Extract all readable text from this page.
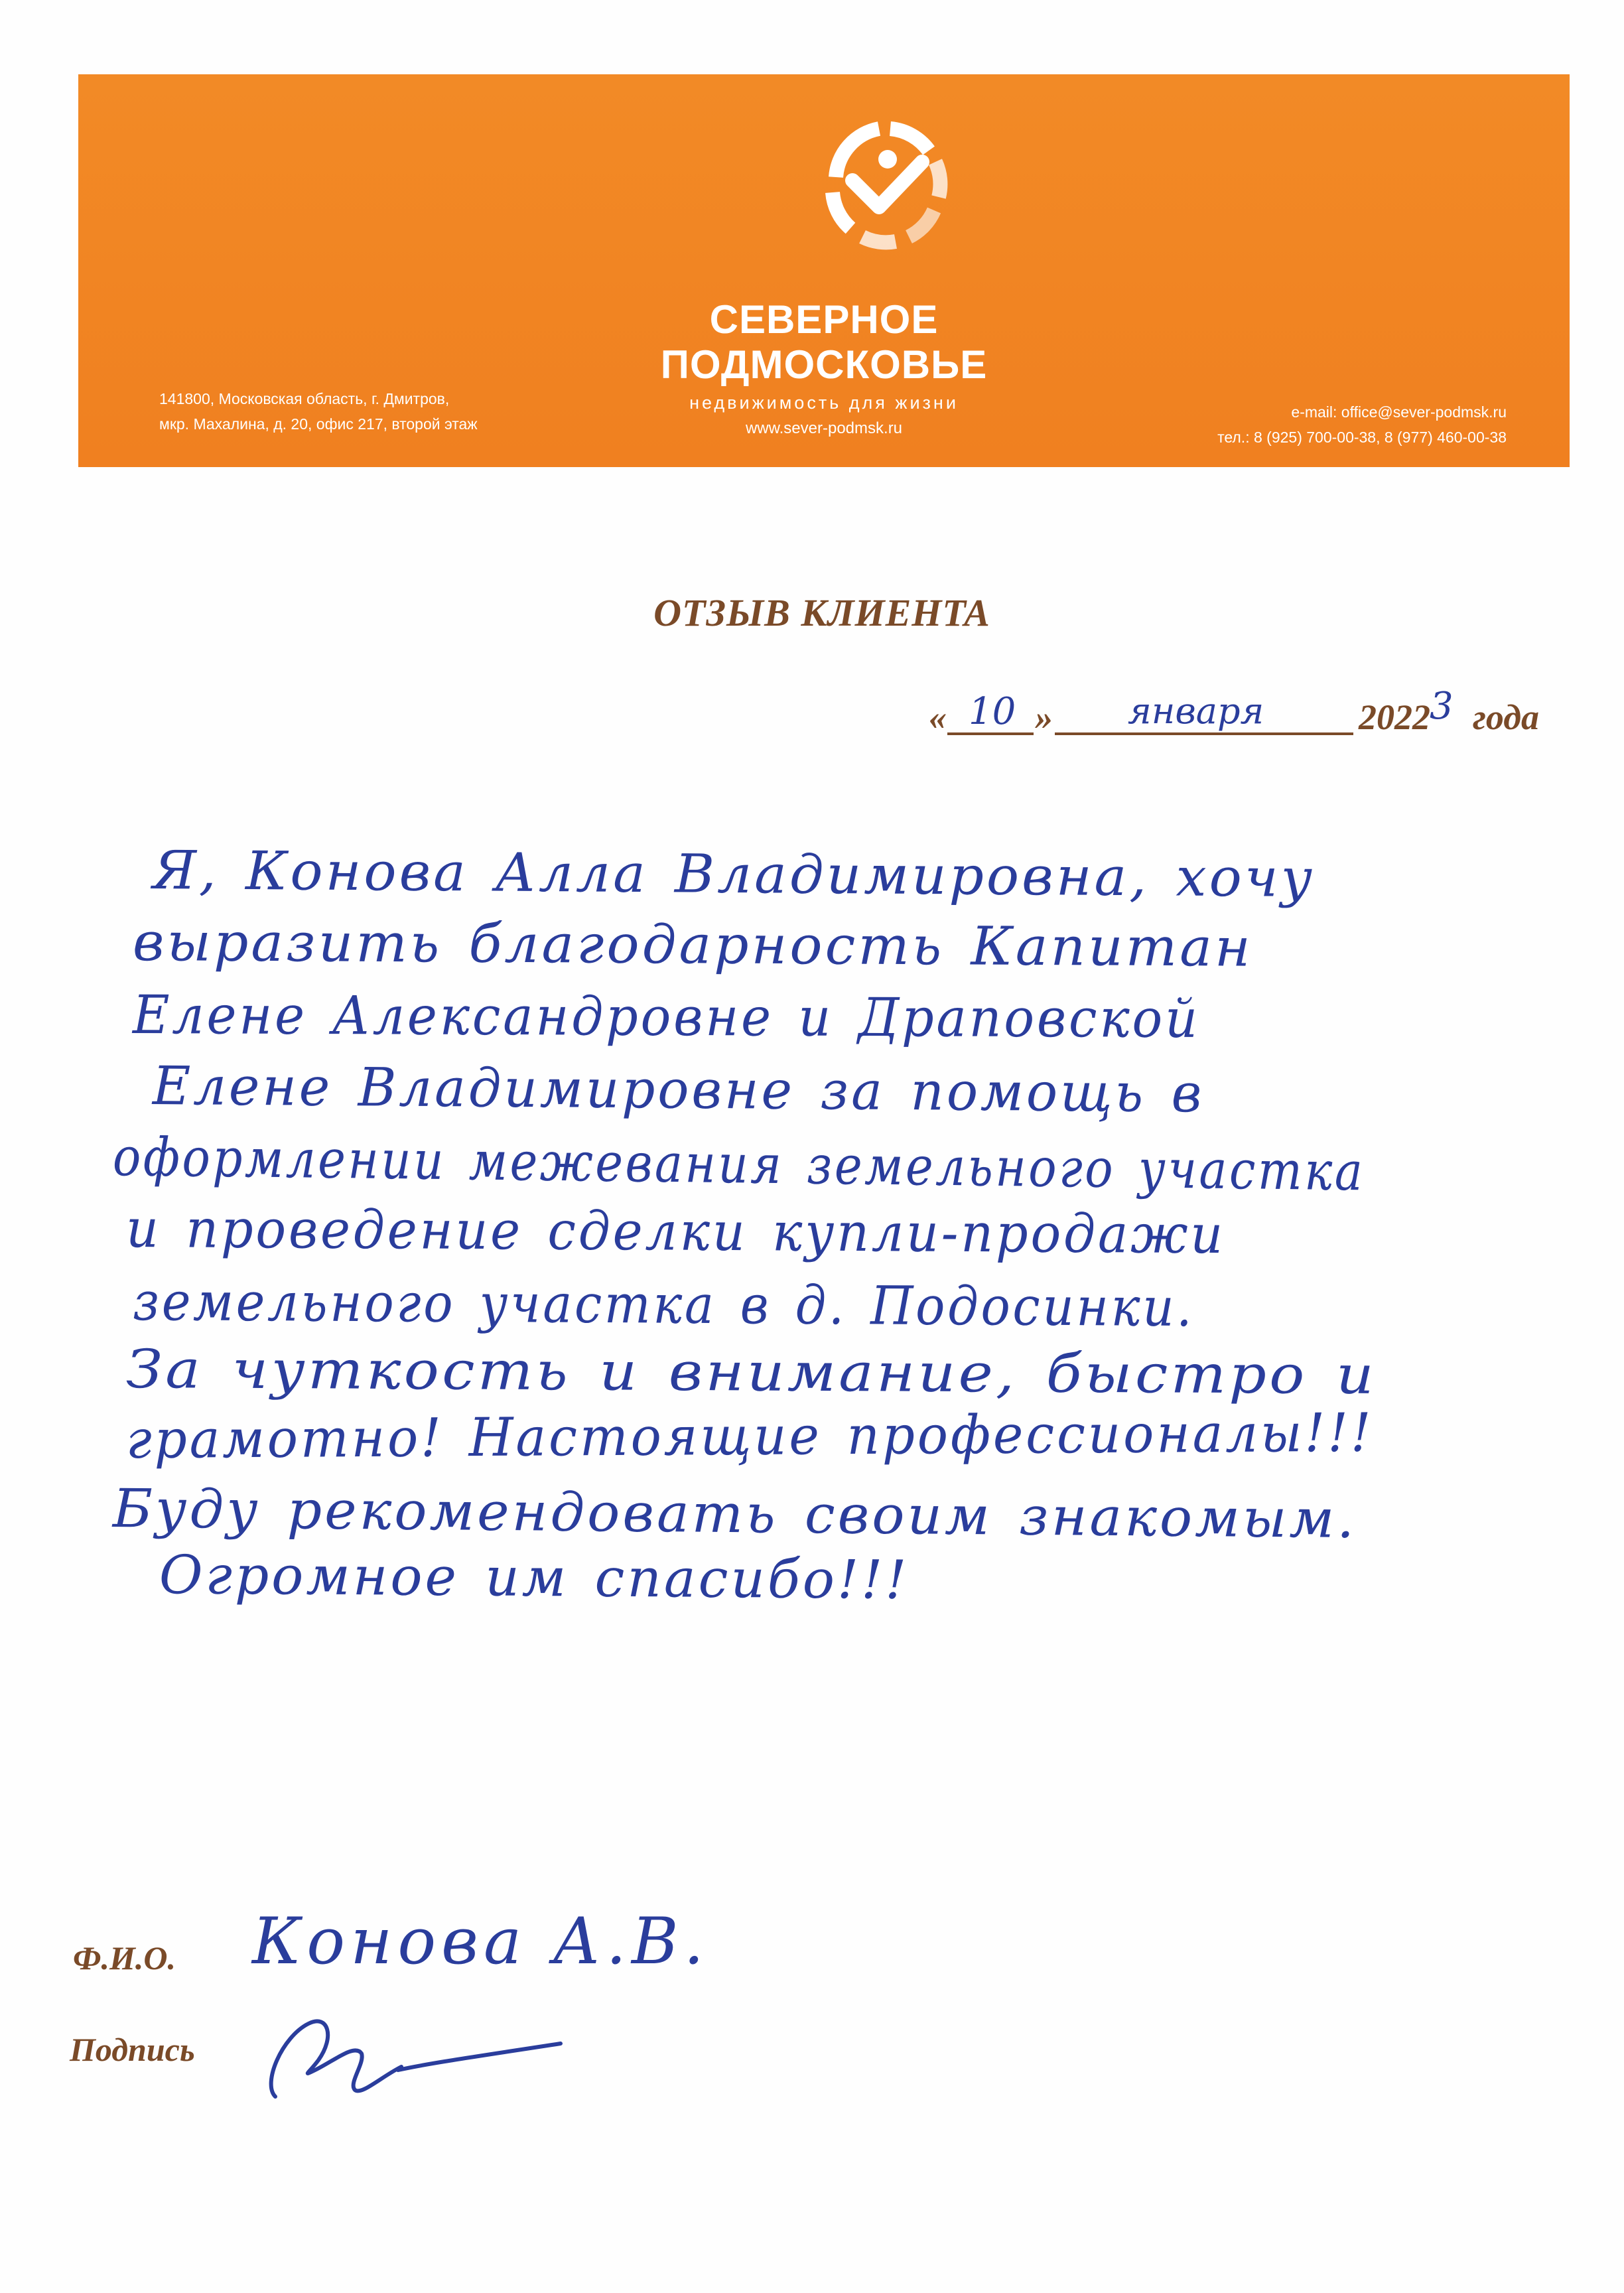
СЕВЕРНОЕ
ПОДМОСКОВЬЕ
недвижимость для жизни
www.sever-podmsk.ru
141800, Московская область, г. Дмитров,
мкр. Махалина, д. 20, офис 217, второй этаж
e-mail: office@sever-podmsk.ru
тел.: 8 (925) 700-00-38, 8 (977) 460-00-38
ОТЗЫВ КЛИЕНТА
« 10 » января	2022 3 года
Я, Конова Алла Владимировна, хочу
выразить благодарность Капитан
Елене Александровне и Драповской
Елене Владимировне за помощь в
оформлении межевания земельного участка
и проведение сделки купли-продажи
земельного участка в д. Подосинки.
За чуткость и внимание, быстро и
грамотно! Настоящие профессионалы!!!
Буду рекомендовать своим знакомым.
Огромное им спасибо!!!
Ф.И.О. Конова А.В.
Подпись
